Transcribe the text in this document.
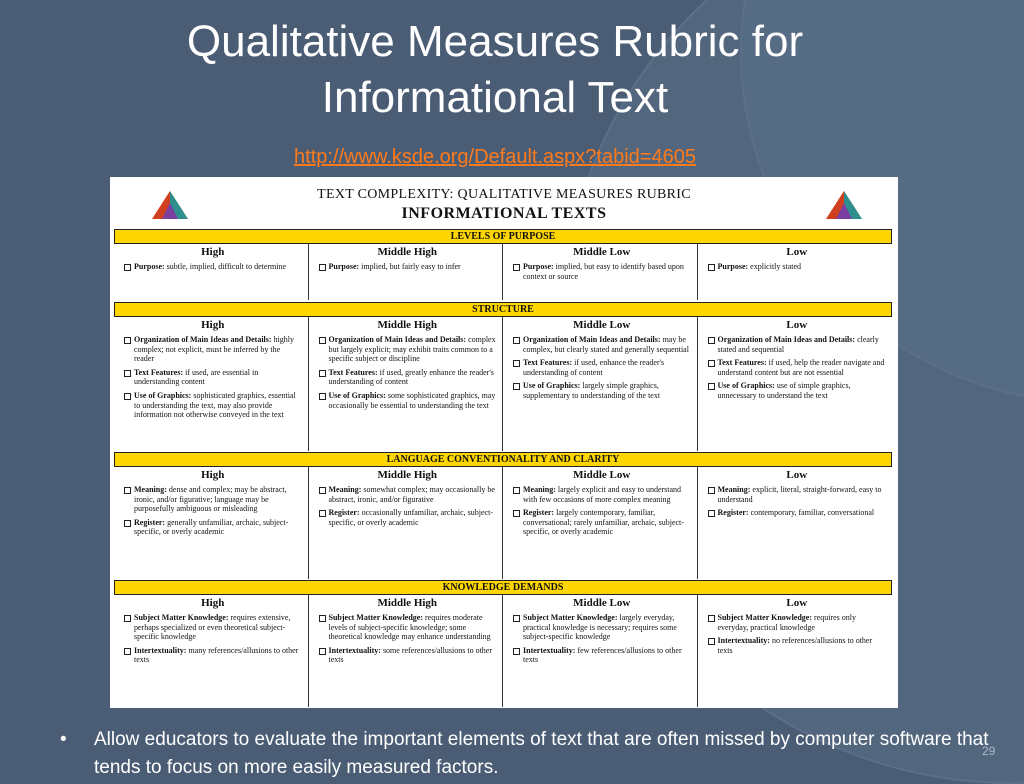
Qualitative Measures Rubric for
Informational Text
http://www.ksde.org/Default.aspx?tabid=4605
TEXT COMPLEXITY: QUALITATIVE MEASURES RUBRIC
INFORMATIONAL TEXTS
LEVELS OF PURPOSE
High
Purpose: subtle, implied, difficult to determine
Middle High
Purpose: implied, but fairly easy to infer
Middle Low
Purpose: implied, but easy to identify based upon context or source
Low
Purpose: explicitly stated
STRUCTURE
High
Organization of Main Ideas and Details: highly complex; not explicit, must be inferred by the reader
Text Features: if used, are essential in understanding content
Use of Graphics: sophisticated graphics, essential to understanding the text, may also provide information not otherwise conveyed in the text
Middle High
Organization of Main Ideas and Details: complex but largely explicit; may exhibit traits common to a specific subject or discipline
Text Features: if used, greatly enhance the reader's understanding of content
Use of Graphics: some sophisticated graphics, may occasionally be essential to understanding the text
Middle Low
Organization of Main Ideas and Details: may be complex, but clearly stated and generally sequential
Text Features: if used, enhance the reader's understanding of content
Use of Graphics: largely simple graphics, supplementary to understanding of the text
Low
Organization of Main Ideas and Details: clearly stated and sequential
Text Features: if used, help the reader navigate and understand content but are not essential
Use of Graphics: use of simple graphics, unnecessary to understand the text
LANGUAGE CONVENTIONALITY AND CLARITY
High
Meaning: dense and complex; may be abstract, ironic, and/or figurative; language may be purposefully ambiguous or misleading
Register: generally unfamiliar, archaic, subject-specific, or overly academic
Middle High
Meaning: somewhat complex; may occasionally be abstract, ironic, and/or figurative
Register: occasionally unfamiliar, archaic, subject-specific, or overly academic
Middle Low
Meaning: largely explicit and easy to understand with few occasions of more complex meaning
Register: largely contemporary, familiar, conversational; rarely unfamiliar, archaic, subject-specific, or overly academic
Low
Meaning: explicit, literal, straight-forward, easy to understand
Register: contemporary, familiar, conversational
KNOWLEDGE DEMANDS
High
Subject Matter Knowledge: requires extensive, perhaps specialized or even theoretical subject-specific knowledge
Intertextuality: many references/allusions to other texts
Middle High
Subject Matter Knowledge: requires moderate levels of subject-specific knowledge; some theoretical knowledge may enhance understanding
Intertextuality: some references/allusions to other texts
Middle Low
Subject Matter Knowledge: largely everyday, practical knowledge is necessary; requires some subject-specific knowledge
Intertextuality: few references/allusions to other texts
Low
Subject Matter Knowledge: requires only everyday, practical knowledge
Intertextuality: no references/allusions to other texts
• Allow educators to evaluate the important elements of text that are often missed by computer software that tends to focus on more easily measured factors.
29
